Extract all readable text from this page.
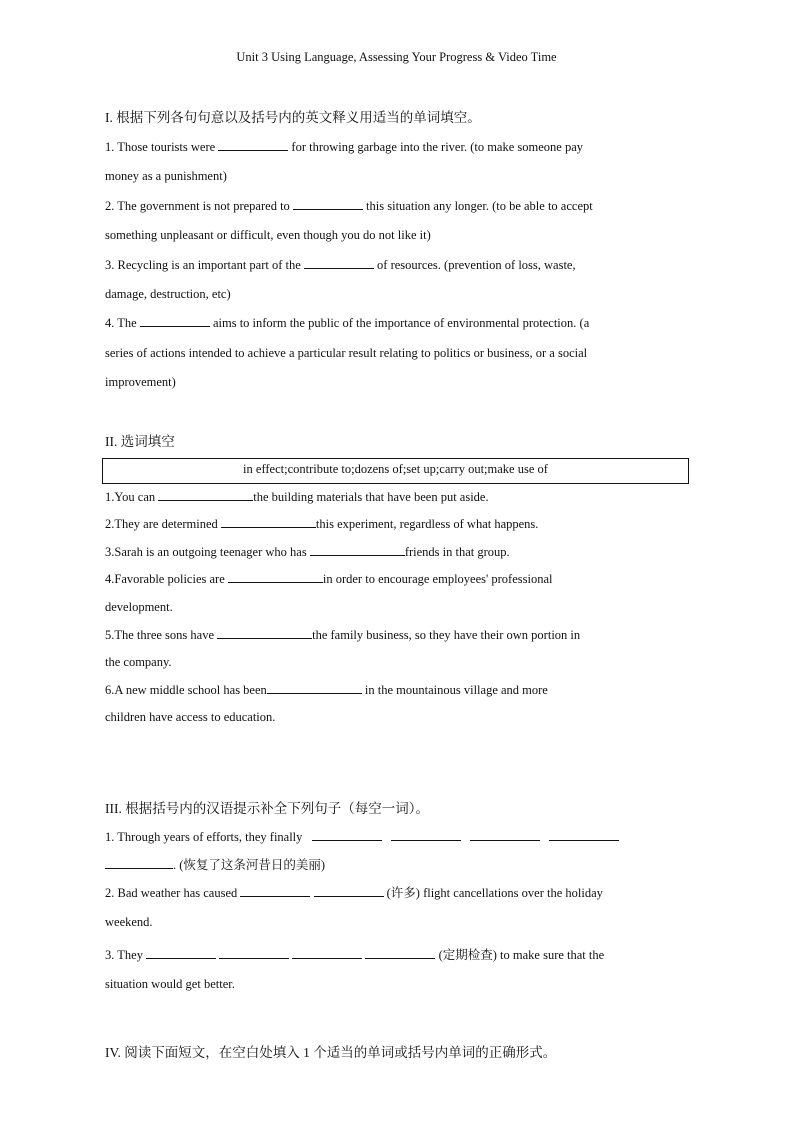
Unit 3 Using Language, Assessing Your Progress & Video Time
I. 根据下列各句句意以及括号内的英文释义用适当的单词填空。
1. Those tourists were	for throwing garbage into the river. (to make someone pay
money as a punishment)
2. The government is not prepared to	this situation any longer. (to be able to accept
something unpleasant or difficult, even though you do not like it)
3. Recycling is an important part of the	of resources. (prevention of loss, waste,
damage, destruction, etc)
4. The	aims to inform the public of the importance of environmental protection. (a
series of actions intended to achieve a particular result relating to politics or business, or a social
improvement)
II. 选词填空
in effect;contribute to;dozens of;set up;carry out;make use of
1.You can	the building materials that have been put aside.
2.They are determined	this experiment, regardless of what happens.
3.Sarah is an outgoing teenager who has	friends in that group.
4.Favorable policies are	in order to encourage employees' professional
development.
5.The three sons have	the family business, so they have their own portion in
the company.
6.A new middle school has been	in the mountainous village and more
children have access to education.
III. 根据括号内的汉语提示补全下列句子（每空一词）。
1. Through years of efforts, they finally
. (恢复了这条河昔日的美丽)
2. Bad weather has caused	(许多) flight cancellations over the holiday
weekend.
3. They	(定期检查) to make sure that the
situation would get better.
IV. 阅读下面短文，在空白处填入 1 个适当的单词或括号内单词的正确形式。
